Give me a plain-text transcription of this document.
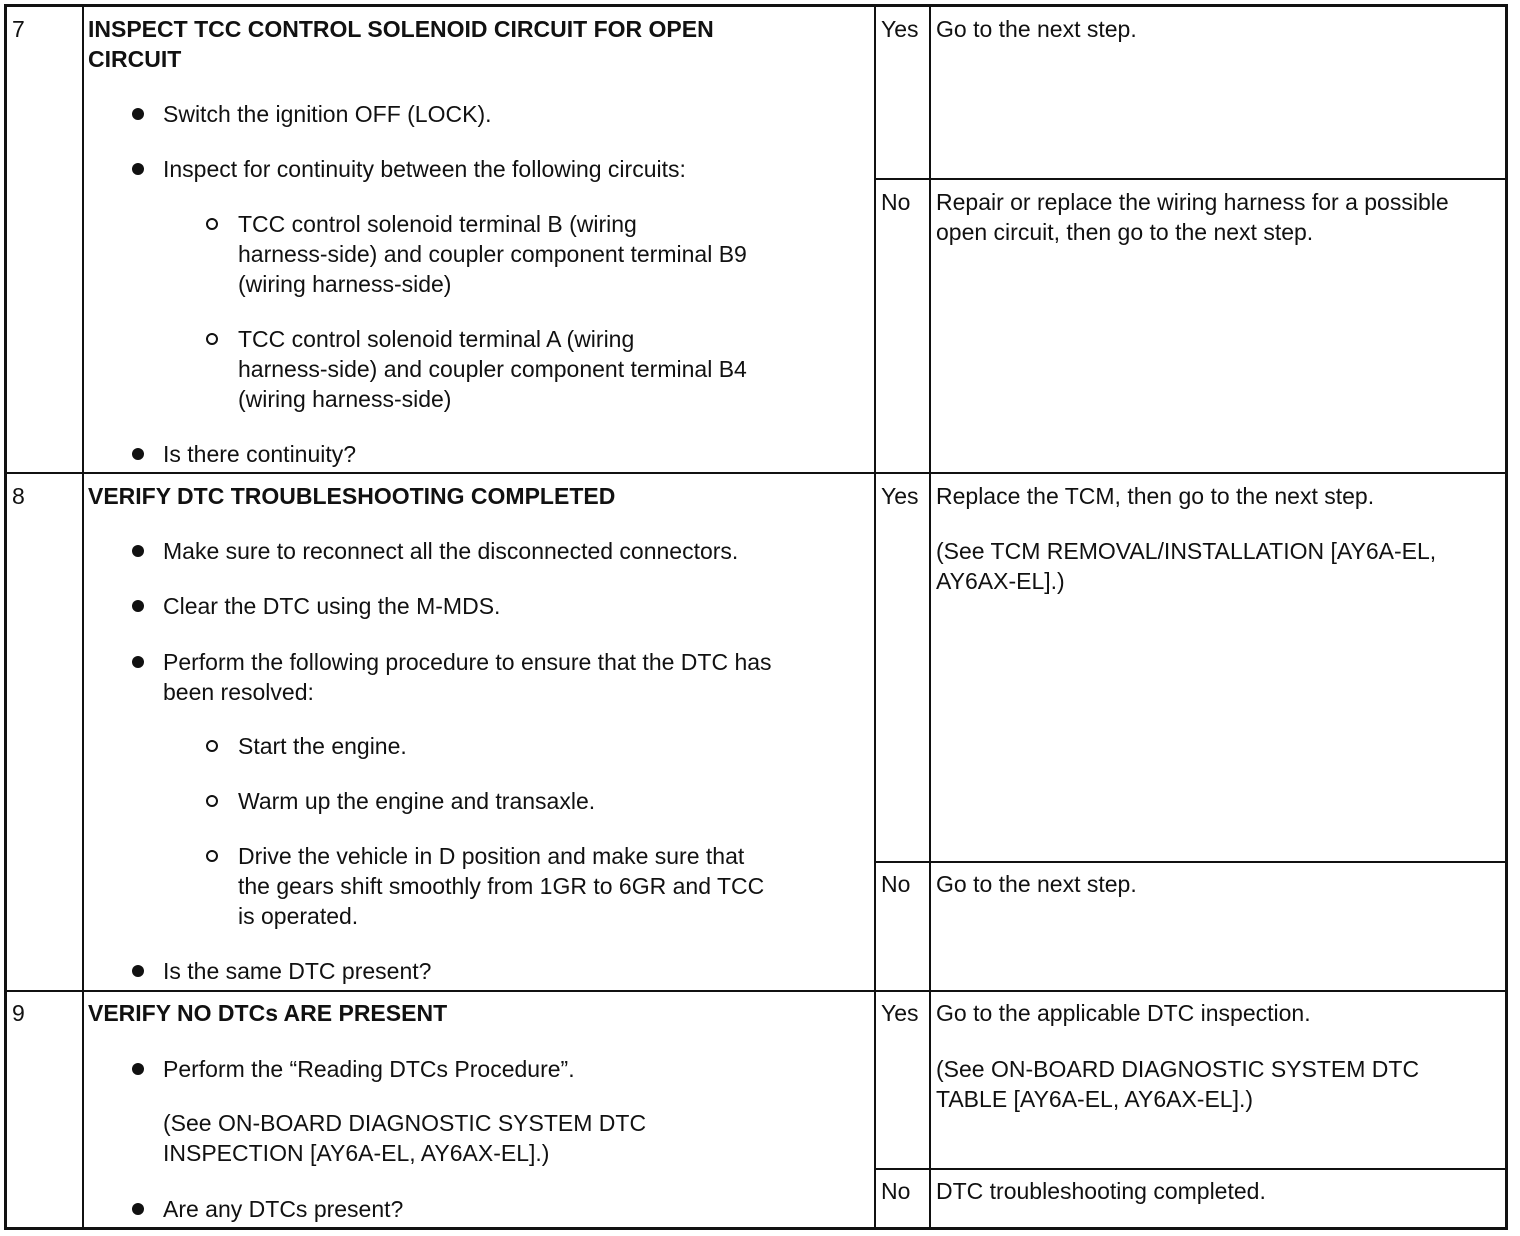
7	INSPECT TCC CONTROL SOLENOID CIRCUIT FOR OPEN
CIRCUIT
Switch the ignition OFF (LOCK).
Inspect for continuity between the following circuits:
TCC control solenoid terminal B (wiring
harness-side) and coupler component terminal B9
(wiring harness-side)
TCC control solenoid terminal A (wiring
harness-side) and coupler component terminal B4
(wiring harness-side)
Is there continuity?
Yes Go to the next step.
No Repair or replace the wiring harness for a possible
open circuit, then go to the next step.
8	VERIFY DTC TROUBLESHOOTING COMPLETED
Make sure to reconnect all the disconnected connectors.
Clear the DTC using the M-MDS.
Perform the following procedure to ensure that the DTC has
been resolved:
Start the engine.
Warm up the engine and transaxle.
Drive the vehicle in D position and make sure that
the gears shift smoothly from 1GR to 6GR and TCC
is operated.
Is the same DTC present?
Yes Replace the TCM, then go to the next step.
(See TCM REMOVAL/INSTALLATION [AY6A-EL,
AY6AX-EL].)
No Go to the next step.
9	VERIFY NO DTCs ARE PRESENT
Perform the “Reading DTCs Procedure”.
(See ON-BOARD DIAGNOSTIC SYSTEM DTC
INSPECTION [AY6A-EL, AY6AX-EL].)
Are any DTCs present?
Yes Go to the applicable DTC inspection.
(See ON-BOARD DIAGNOSTIC SYSTEM DTC
TABLE [AY6A-EL, AY6AX-EL].)
No DTC troubleshooting completed.
